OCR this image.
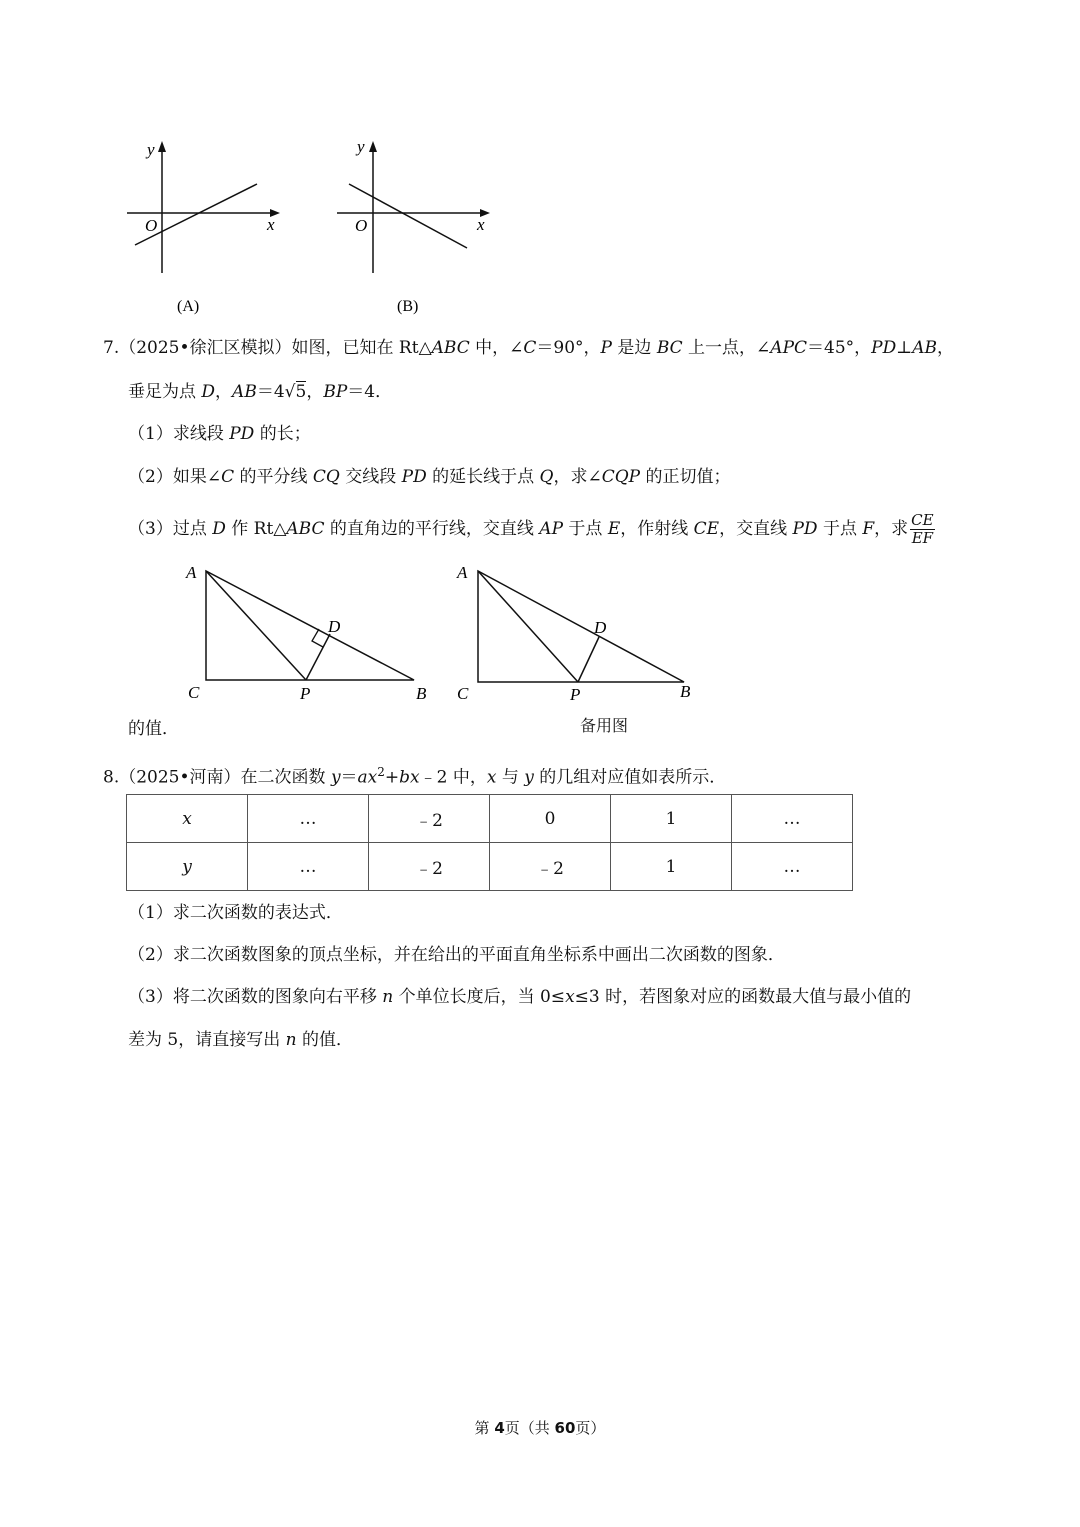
y
x
O
(A)
y
x
O
(B)
7.（2025•徐汇区模拟）如图，已知在 Rt△ABC 中，∠C＝90°，P 是边 BC 上一点，∠APC＝45°，PD⊥AB，
垂足为点 D，AB＝4√5，BP＝4．
（1）求线段 PD 的长；
（2）如果∠C 的平分线 CQ 交线段 PD 的延长线于点 Q，求∠CQP 的正切值；
（3）过点 D 作 Rt△ABC 的直角边的平行线，交直线 AP 于点 E，作射线 CE，交直线 PD 于点 F，求 $\frac{CE}{EF}$
A
C	P	B
D
A
C	P	B
D
的值．	备用图
8.（2025•河南）在二次函数 $y=ax^2+bx﹣2$ 中，x 与 y 的几组对应值如表所示．
x	…	﹣2	0	1	…
y	…	﹣2	﹣2	1	…
（1）求二次函数的表达式．
（2）求二次函数图象的顶点坐标，并在给出的平面直角坐标系中画出二次函数的图象．
（3）将二次函数的图象向右平移 n 个单位长度后，当 0≤x≤3 时，若图象对应的函数最大值与最小值的
差为 5，请直接写出 n 的值．
第 4页（共 60页）
